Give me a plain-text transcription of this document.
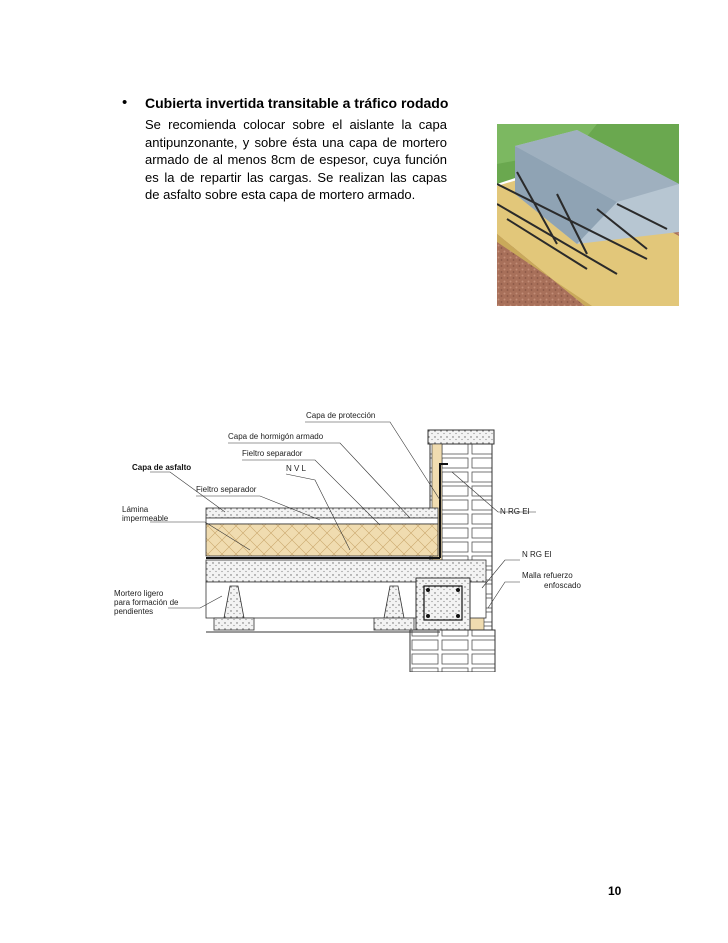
• Cubierta invertida transitable a tráfico rodado
Se recomienda colocar sobre el aislante la capa antipunzonante, y sobre ésta una capa de mortero armado de al menos 8cm de espesor, cuya función es la de repartir las cargas. Se realizan las capas de asfalto sobre esta capa de mortero armado.
Capa de protección
Capa de hormigón armado
Fieltro separador
N V L
Capa de asfalto
Fieltro separador
Lámina
impermeable
N RG EI
N RG EI
Malla refuerzo
enfoscado
Mortero ligero
para formación de
pendientes
10
